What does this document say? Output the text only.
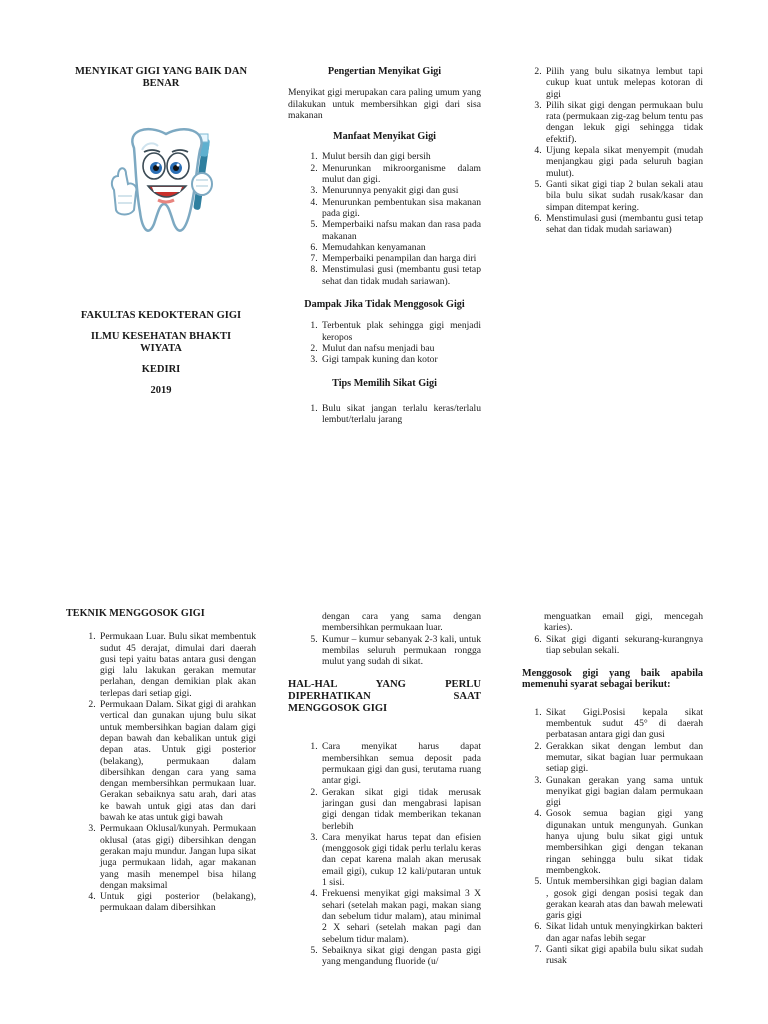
MENYIKAT GIGI YANG BAIK DAN BENAR

FAKULTAS KEDOKTERAN GIGI

ILMU KESEHATAN BHAKTI WIYATA

KEDIRI

2019

Pengertian Menyikat Gigi

Menyikat gigi merupakan cara paling umum yang dilakukan untuk membersihkan gigi dari sisa makanan

Manfaat Menyikat Gigi

1. Mulut bersih dan gigi bersih
2. Menurunkan mikroorganisme dalam mulut dan gigi.
3. Menurunnya penyakit gigi dan gusi
4. Menurunkan pembentukan sisa makanan pada gigi.
5. Memperbaiki nafsu makan dan rasa pada makanan
6. Memudahkan kenyamanan
7. Memperbaiki penampilan dan harga diri
8. Menstimulasi gusi (membantu gusi tetap sehat dan tidak mudah sariawan).

Dampak Jika Tidak Menggosok Gigi

1. Terbentuk plak sehingga gigi menjadi keropos
2. Mulut dan nafsu menjadi bau
3. Gigi tampak kuning dan kotor

Tips Memilih Sikat Gigi

1. Bulu sikat jangan terlalu keras/terlalu lembut/terlalu jarang
2. Pilih yang bulu sikatnya lembut tapi cukup kuat untuk melepas kotoran di gigi
3. Pilih sikat gigi dengan permukaan bulu rata (permukaan zig-zag belum tentu pas dengan lekuk gigi sehingga tidak efektif).
4. Ujung kepala sikat menyempit (mudah menjangkau gigi pada seluruh bagian mulut).
5. Ganti sikat gigi tiap 2 bulan sekali atau bila bulu sikat sudah rusak/kasar dan simpan ditempat kering.
6. Menstimulasi gusi (membantu gusi tetap sehat dan tidak mudah sariawan)

TEKNIK MENGGOSOK GIGI

1. Permukaan Luar. Bulu sikat membentuk sudut 45 derajat, dimulai dari daerah gusi tepi yaitu batas antara gusi dengan gigi lalu lakukan gerakan memutar perlahan, dengan demikian plak akan terlepas dari setiap gigi.
2. Permukaan Dalam. Sikat gigi di arahkan vertical dan gunakan ujung bulu sikat untuk membersihkan bagian dalam gigi depan bawah dan kebalikan untuk gigi depan atas. Untuk gigi posterior (belakang), permukaan dalam dibersihkan dengan cara yang sama dengan membersihkan permukaan luar. Gerakan sebaiknya satu arah, dari atas ke bawah untuk gigi atas dan dari bawah ke atas untuk gigi bawah
3. Permukaan Oklusal/kunyah. Permukaan oklusal (atas gigi) dibersihkan dengan gerakan maju mundur. Jangan lupa sikat juga permukaan lidah, agar makanan yang masih menempel bisa hilang dengan maksimal
4. Untuk gigi posterior (belakang), permukaan dalam dibersihkan

dengan cara yang sama dengan membersihkan permukaan luar.

5. Kumur – kumur sebanyak 2-3 kali, untuk membilas seluruh permukaan rongga mulut yang sudah di sikat.

HAL-HAL YANG PERLU DIPERHATIKAN SAAT

MENGGOSOK GIGI

1. Cara menyikat harus dapat membersihkan semua deposit pada permukaan gigi dan gusi, terutama ruang antar gigi.
2. Gerakan sikat gigi tidak merusak jaringan gusi dan mengabrasi lapisan gigi dengan tidak memberikan tekanan berlebih
3. Cara menyikat harus tepat dan efisien (menggosok gigi tidak perlu terlalu keras dan cepat karena malah akan merusak email gigi), cukup 12 kali/putaran untuk 1 sisi.
4. Frekuensi menyikat gigi maksimal 3 X sehari (setelah makan pagi, makan siang dan sebelum tidur malam), atau minimal 2 X sehari (setelah makan pagi dan sebelum tidur malam).
5. Sebaiknya sikat gigi dengan pasta gigi yang mengandung fluoride (u/

menguatkan email gigi, mencegah karies).

6. Sikat gigi diganti sekurang-kurangnya tiap sebulan sekali.

Menggosok gigi yang baik apabila memenuhi syarat sebagai berikut:

1. Sikat Gigi.Posisi kepala sikat membentuk sudut 45° di daerah perbatasan antara gigi dan gusi
2. Gerakkan sikat dengan lembut dan memutar, sikat bagian luar permukaan setiap gigi.
3. Gunakan gerakan yang sama untuk menyikat gigi bagian dalam permukaan gigi
4. Gosok semua bagian gigi yang digunakan untuk mengunyah. Gunkan hanya ujung bulu sikat gigi untuk membersihkan gigi dengan tekanan ringan sehingga bulu sikat tidak membengkok.
5. Untuk membersihkan gigi bagian dalam , gosok gigi dengan posisi tegak dan gerakan kearah atas dan bawah melewati garis gigi
6. Sikat lidah untuk menyingkirkan bakteri dan agar nafas lebih segar
7. Ganti sikat gigi apabila bulu sikat sudah rusak
